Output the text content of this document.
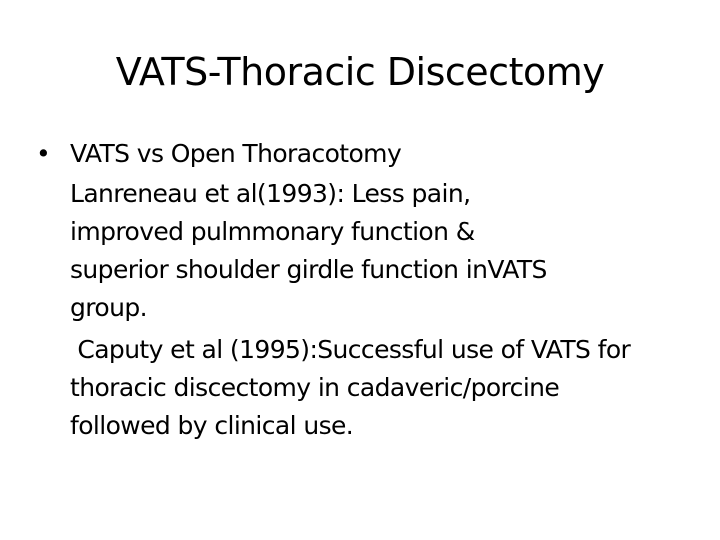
VATS-Thoracic Discectomy
• VATS vs Open Thoracotomy
Lanreneau et al(1993): Less pain,
improved pulmmonary function &
superior shoulder girdle function inVATS
group.
Caputy et al (1995):Successful use of VATS for
thoracic discectomy in cadaveric/porcine
followed by clinical use.
